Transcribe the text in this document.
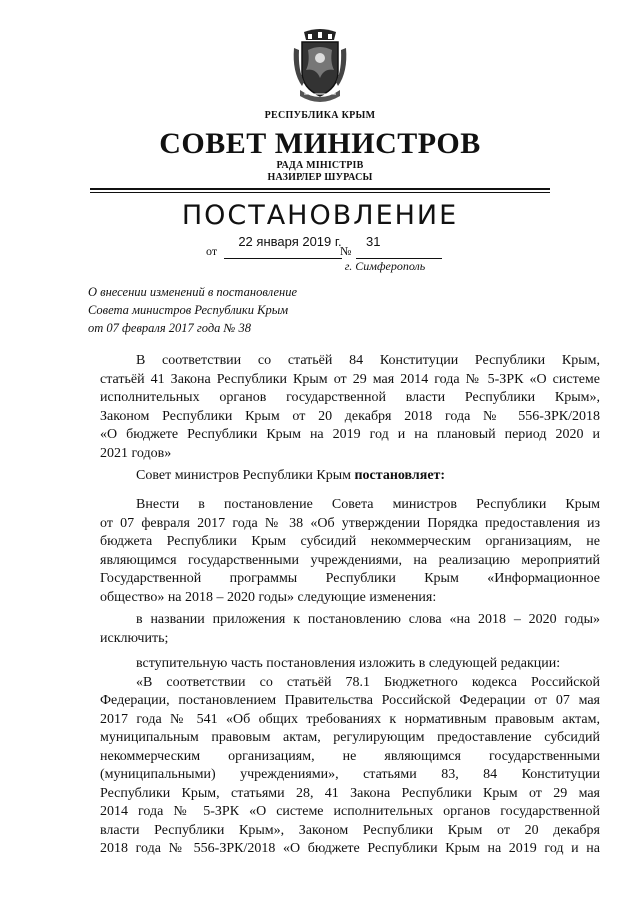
РЕСПУБЛИКА КРЫМ

СОВЕТ МИНИСТРОВ

РАДА МІНІСТРІВ

НАЗИРЛЕР ШУРАСЫ

ПОСТАНОВЛЕНИЕ
от
22 января 2019 г.
№
31
г. Симферополь
О внесении изменений в постановление
Совета министров Республики Крым
от 07 февраля 2017 года № 38
В соответствии со статьёй 84 Конституции Республики Крым,
статьёй 41 Закона Республики Крым от 29 мая 2014 года № 5-ЗРК «О системе
исполнительных органов государственной власти Республики Крым»,
Законом Республики Крым от 20 декабря 2018 года № 556-ЗРК/2018
«О бюджете Республики Крым на 2019 год и на плановый период 2020 и
2021 годов»
Совет министров Республики Крым постановляет:
Внести в постановление Совета министров Республики Крым
от 07 февраля 2017 года № 38 «Об утверждении Порядка предоставления из
бюджета Республики Крым субсидий некоммерческим организациям, не
являющимся государственными учреждениями, на реализацию мероприятий
Государственной программы Республики Крым «Информационное
общество» на 2018 – 2020 годы» следующие изменения:
в названии приложения к постановлению слова «на 2018 – 2020 годы»
исключить;
вступительную часть постановления изложить в следующей редакции:
«В соответствии со статьёй 78.1 Бюджетного кодекса Российской
Федерации, постановлением Правительства Российской Федерации от 07 мая
2017 года № 541 «Об общих требованиях к нормативным правовым актам,
муниципальным правовым актам, регулирующим предоставление субсидий
некоммерческим организациям, не являющимся государственными
(муниципальными) учреждениями», статьями 83, 84 Конституции
Республики Крым, статьями 28, 41 Закона Республики Крым от 29 мая
2014 года № 5-ЗРК «О системе исполнительных органов государственной
власти Республики Крым», Законом Республики Крым от 20 декабря
2018 года № 556-ЗРК/2018 «О бюджете Республики Крым на 2019 год и на
